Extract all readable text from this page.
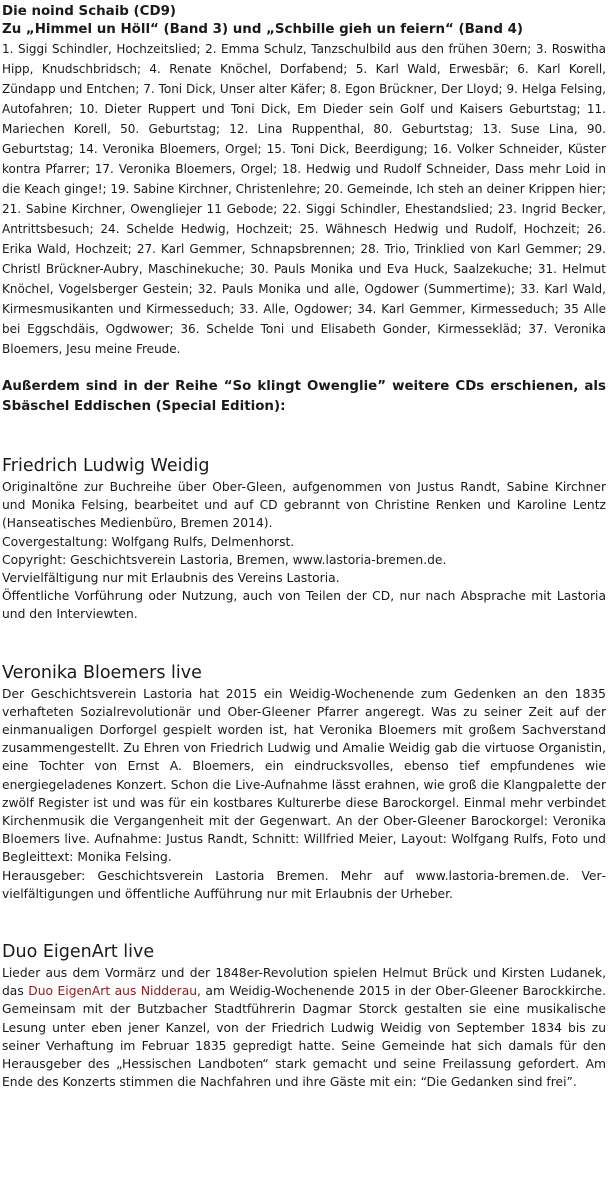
Die noind Schaib (CD9)

Zu „Himmel un Höll“ (Band 3) und „Schbille gieh un feiern“ (Band 4)

1. Siggi Schindler, Hochzeitslied; 2. Emma Schulz, Tanzschulbild aus den frühen 30ern; 3. Roswitha Hipp, Knudschbridsch; 4. Renate Knöchel, Dorfabend; 5. Karl Wald, Erwesbär; 6. Karl Korell, Zündapp und Entchen; 7. Toni Dick, Unser alter Käfer; 8. Egon Brückner, Der Lloyd; 9. Helga Felsing, Autofahren; 10. Dieter Ruppert und Toni Dick, Em Dieder sein Golf und Kaisers Geburtstag; 11. Mariechen Korell, 50. Geburtstag; 12. Lina Ruppenthal, 80. Geburtstag; 13. Suse Lina, 90. Geburtstag; 14. Veronika Bloemers, Orgel; 15. Toni Dick, Beerdigung; 16. Volker Schneider, Küster kontra Pfarrer; 17. Veronika Bloemers, Orgel; 18. Hedwig und Rudolf Schneider, Dass mehr Loid in die Keach ginge!; 19. Sabine Kirchner, Christenlehre; 20. Gemeinde, Ich steh an deiner Krippen hier; 21. Sabine Kirchner, Owengliejer 11 Gebode; 22. Siggi Schindler, Ehestandslied; 23. Ingrid Becker, Antrittsbesuch; 24. Schelde Hedwig, Hochzeit; 25. Wähnesch Hedwig und Rudolf, Hochzeit; 26. Erika Wald, Hochzeit; 27. Karl Gemmer, Schnapsbrennen; 28. Trio, Trinklied von Karl Gemmer; 29. Christl Brückner-Aubry, Maschinekuche; 30. Pauls Monika und Eva Huck, Saalzekuche; 31. Helmut Knöchel, Vogelsberger Gestein; 32. Pauls Monika und alle, Ogdower (Summertime); 33. Karl Wald, Kirmesmusikanten und Kirmesseduch; 33. Alle, Ogdower; 34. Karl Gemmer, Kirmesseduch; 35 Alle bei Eggschdäis, Ogdwower; 36. Schelde Toni und Elisabeth Gonder, Kirmessekläd; 37. Veronika Bloemers, Jesu meine Freude.

Außerdem sind in der Reihe “So klingt Owenglie” weitere CDs erschienen, als Sbäschel Eddischen (Special Edition):

Friedrich Ludwig Weidig

Originaltöne zur Buchreihe über Ober-Gleen, aufgenommen von Justus Randt, Sabine Kirchner und Monika Felsing, bearbeitet und auf CD gebrannt von Christine Renken und Karoline Lentz (Hanseatisches Medienbüro, Bremen 2014).

Covergestaltung: Wolfgang Rulfs, Delmenhorst.

Copyright: Geschichtsverein Lastoria, Bremen, www.lastoria-bremen.de.

Vervielfältigung nur mit Erlaubnis des Vereins Lastoria.

Öffentliche Vorführung oder Nutzung, auch von Teilen der CD, nur nach Absprache mit Lastoria und den Interviewten.

Veronika Bloemers live

Der Geschichtsverein Lastoria hat 2015 ein Weidig-Wochenende zum Gedenken an den 1835 verhafteten Sozialrevolutionär und Ober-Gleener Pfarrer angeregt. Was zu seiner Zeit auf der einmanualigen Dorforgel gespielt worden ist, hat Veronika Bloemers mit großem Sachverstand zusammengestellt. Zu Ehren von Friedrich Ludwig und Amalie Weidig gab die virtuose Organistin, eine Tochter von Ernst A. Bloemers, ein eindrucksvolles, ebenso tief empfundenes wie energiegeladenes Konzert. Schon die Live-Aufnahme lässt erahnen, wie groß die Klangpalette der zwölf Register ist und was für ein kostbares Kulturerbe diese Barockorgel. Einmal mehr verbindet Kirchenmusik die Vergangenheit mit der Gegenwart. An der Ober-Gleener Barockorgel: Veronika Bloemers live. Aufnahme: Justus Randt, Schnitt: Willfried Meier, Layout: Wolfgang Rulfs, Foto und Begleittext: Monika Felsing.

Herausgeber: Geschichtsverein Lastoria Bremen. Mehr auf www.lastoria-bremen.de. Vervielfältigungen und öffentliche Aufführung nur mit Erlaubnis der Urheber.

Duo EigenArt live

Lieder aus dem Vormärz und der 1848er-Revolution spielen Helmut Brück und Kirsten Ludanek, das Duo EigenArt aus Nidderau, am Weidig-Wochenende 2015 in der Ober-Gleener Barockkirche. Gemeinsam mit der Butzbacher Stadtführerin Dagmar Storck gestalten sie eine musikalische Lesung unter eben jener Kanzel, von der Friedrich Ludwig Weidig von September 1834 bis zu seiner Verhaftung im Februar 1835 gepredigt hatte. Seine Gemeinde hat sich damals für den Herausgeber des „Hessischen Landboten“ stark gemacht und seine Freilassung gefordert. Am Ende des Konzerts stimmen die Nachfahren und ihre Gäste mit ein: “Die Gedanken sind frei”.
